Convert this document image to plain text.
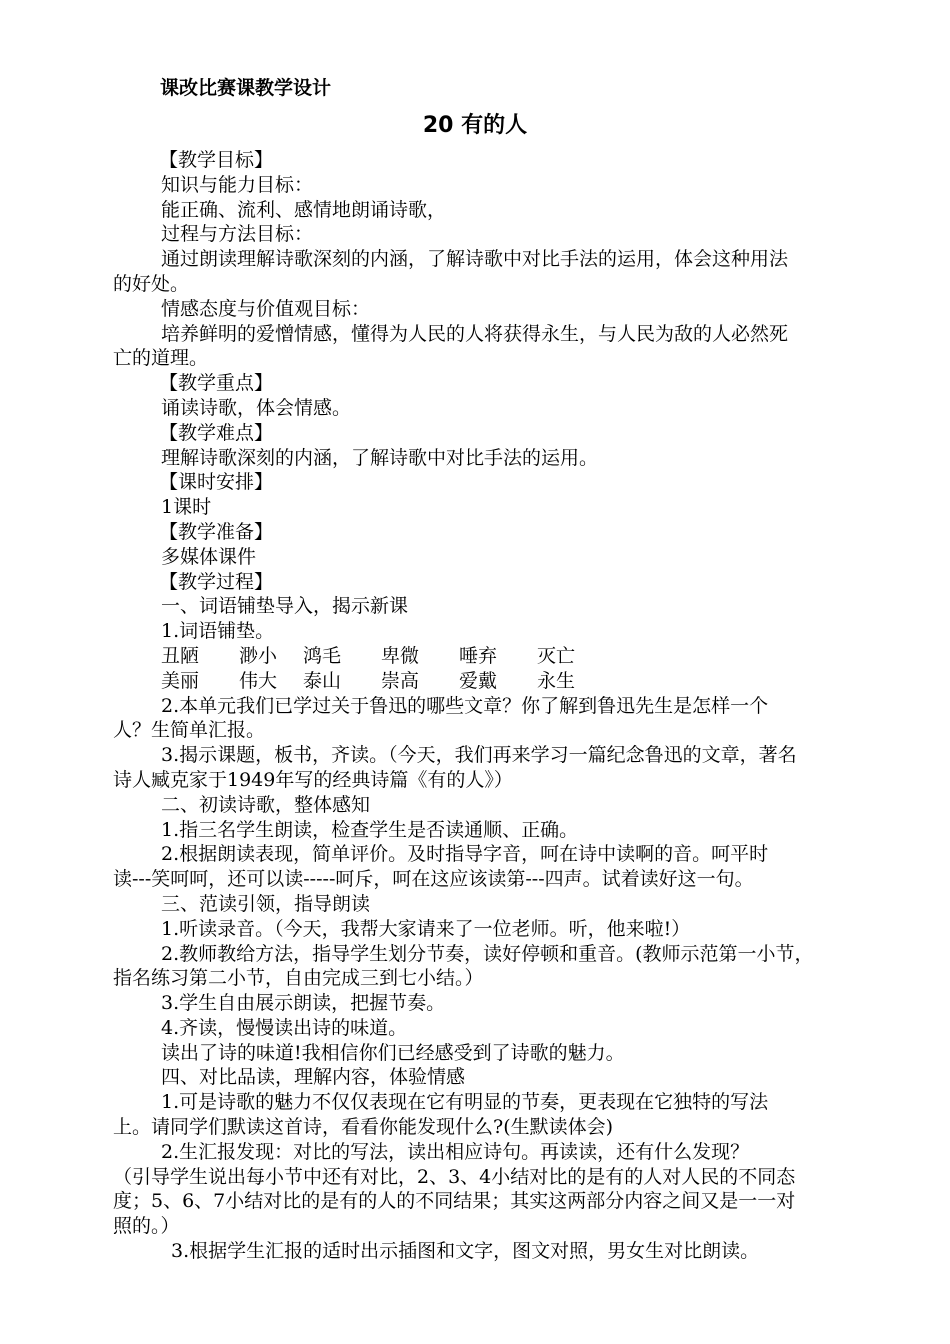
课改比赛课教学设计
20 有的人

【教学目标】

知识与能力目标：

能正确、流利、感情地朗诵诗歌，

过程与方法目标：

通过朗读理解诗歌深刻的内涵，了解诗歌中对比手法的运用，体会这种用法

的好处。

情感态度与价值观目标：

培养鲜明的爱憎情感，懂得为人民的人将获得永生，与人民为敌的人必然死

亡的道理。

【教学重点】

诵读诗歌，体会情感。

【教学难点】

理解诗歌深刻的内涵，了解诗歌中对比手法的运用。

【课时安排】

1课时

【教学准备】

多媒体课件

【教学过程】

一、词语铺垫导入，揭示新课

1.词语铺垫。

丑陋	渺小	鸿毛	卑微	唾弃	灭亡
美丽	伟大	泰山	崇高	爱戴	永生

2.本单元我们已学过关于鲁迅的哪些文章？你了解到鲁迅先生是怎样一个

人？生简单汇报。

3.揭示课题，板书，齐读。（今天，我们再来学习一篇纪念鲁迅的文章，著名

诗人臧克家于1949年写的经典诗篇《有的人》）

二、初读诗歌，整体感知

1.指三名学生朗读，检查学生是否读通顺、正确。

2.根据朗读表现，简单评价。及时指导字音，呵在诗中读啊的音。呵平时

读---笑呵呵，还可以读-----呵斥，呵在这应该读第---四声。试着读好这一句。

三、范读引领，指导朗读

1.听读录音。（今天，我帮大家请来了一位老师。听，他来啦!）

2.教师教给方法，指导学生划分节奏，读好停顿和重音。(教师示范第一小节，

指名练习第二小节，自由完成三到七小结。）

3.学生自由展示朗读，把握节奏。

4.齐读，慢慢读出诗的味道。

读出了诗的味道!我相信你们已经感受到了诗歌的魅力。

四、对比品读，理解内容，体验情感

1.可是诗歌的魅力不仅仅表现在它有明显的节奏，更表现在它独特的写法

上。请同学们默读这首诗，看看你能发现什么?(生默读体会)

2.生汇报发现：对比的写法，读出相应诗句。再读读，还有什么发现？

（引导学生说出每小节中还有对比，2、3、4小结对比的是有的人对人民的不同态

度；5、6、7小结对比的是有的人的不同结果；其实这两部分内容之间又是一一对

照的。）

3.根据学生汇报的适时出示插图和文字，图文对照，男女生对比朗读。
